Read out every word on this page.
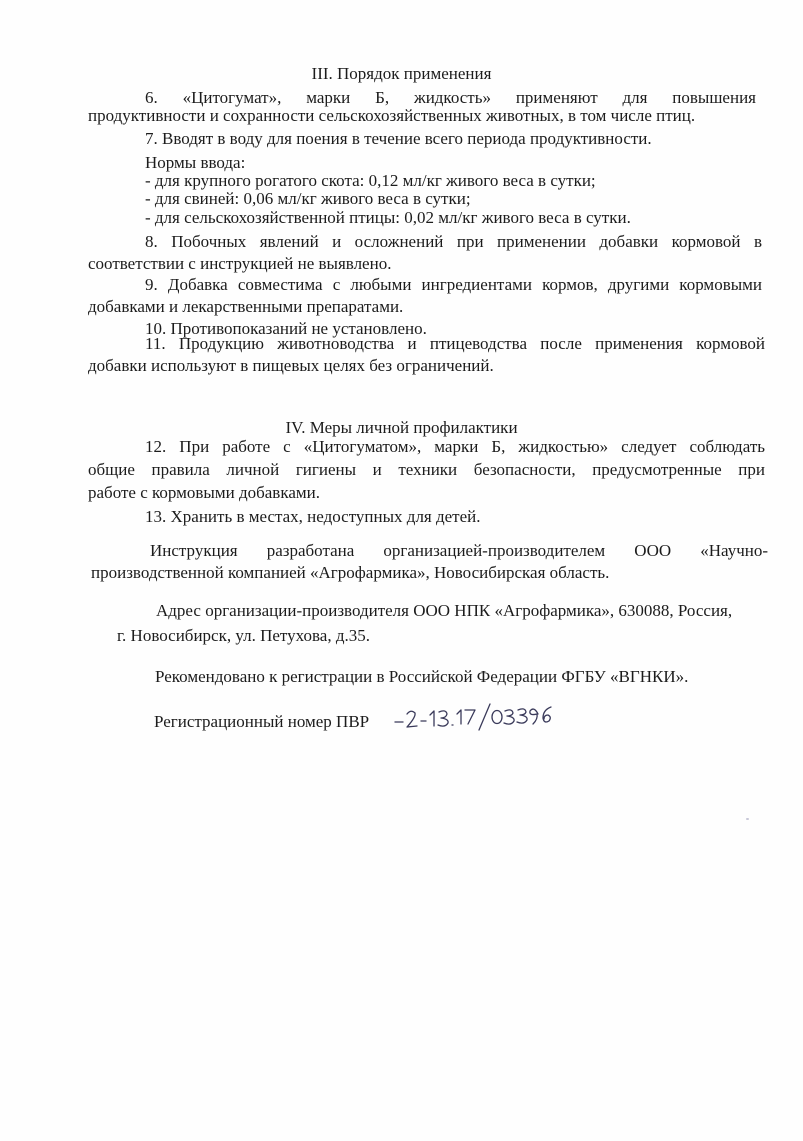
III. Порядок применения
6.  «Цитогумат»,  марки  Б,  жидкость»  применяют  для  повышения
продуктивности и сохранности сельскохозяйственных животных, в том числе птиц.
7. Вводят в воду для поения в течение всего периода продуктивности.
Нормы ввода:
- для крупного рогатого скота: 0,12 мл/кг живого веса в сутки;
- для свиней: 0,06 мл/кг живого веса в сутки;
- для сельскохозяйственной птицы: 0,02 мл/кг живого веса в сутки.
8. Побочных явлений и осложнений при применении добавки кормовой в
соответствии с инструкцией не выявлено.
9. Добавка совместима с любыми ингредиентами кормов, другими кормовыми
добавками и лекарственными препаратами.
10. Противопоказаний не установлено.
11. Продукцию животноводства и птицеводства после применения кормовой
добавки используют в пищевых целях без ограничений.
IV. Меры личной профилактики
12. При работе с «Цитогуматом», марки Б, жидкостью» следует соблюдать
общие правила личной гигиены и техники безопасности, предусмотренные при
работе с кормовыми добавками.
13. Хранить в местах, недоступных для детей.
Инструкция разработана организацией-производителем ООО «Научно-
производственной компанией «Агрофармика», Новосибирская область.
Адрес организации-производителя ООО НПК «Агрофармика», 630088, Россия,
г. Новосибирск, ул. Петухова, д.35.
Рекомендовано к регистрации в Российской Федерации ФГБУ «ВГНКИ».
Регистрационный номер ПВР
